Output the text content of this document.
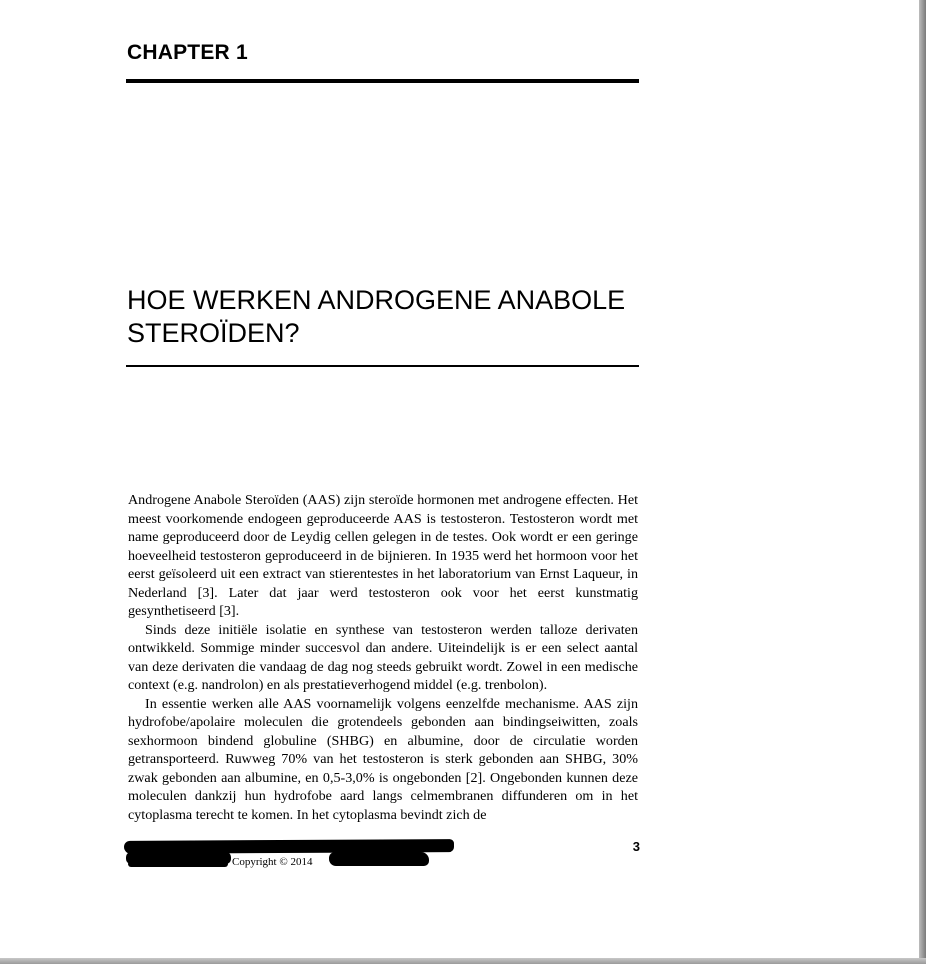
CHAPTER 1
HOE WERKEN ANDROGENE ANABOLE
STEROÏDEN?

Androgene Anabole Steroïden (AAS) zijn steroïde hormonen met androgene effecten. Het meest voorkomende endogeen geproduceerde AAS is testosteron. Testosteron wordt met name geproduceerd door de Leydig cellen gelegen in de testes. Ook wordt er een geringe hoeveelheid testosteron geproduceerd in de bijnieren. In 1935 werd het hormoon voor het eerst geïsoleerd uit een extract van stierentestes in het laboratorium van Ernst Laqueur, in Nederland [3]. Later dat jaar werd testosteron ook voor het eerst kunstmatig gesynthetiseerd [3].

Sinds deze initiële isolatie en synthese van testosteron werden talloze derivaten ontwikkeld. Sommige minder succesvol dan andere. Uiteindelijk is er een select aantal van deze derivaten die vandaag de dag nog steeds gebruikt wordt. Zowel in een medische context (e.g. nandrolon) en als prestatieverhogend middel (e.g. trenbolon).

In essentie werken alle AAS voornamelijk volgens eenzelfde mechanisme. AAS zijn hydrofobe/apolaire moleculen die grotendeels gebonden aan bindingseiwitten, zoals sexhormoon bindend globuline (SHBG) en albumine, door de circulatie worden getransporteerd. Ruwweg 70% van het testosteron is sterk gebonden aan SHBG, 30% zwak gebonden aan albumine, en 0,5-3,0% is ongebonden [2]. Ongebonden kunnen deze moleculen dankzij hun hydrofobe aard langs celmembranen diffunderen om in het cytoplasma terecht te komen. In het cytoplasma bevindt zich de

Copyright © 2014
3
